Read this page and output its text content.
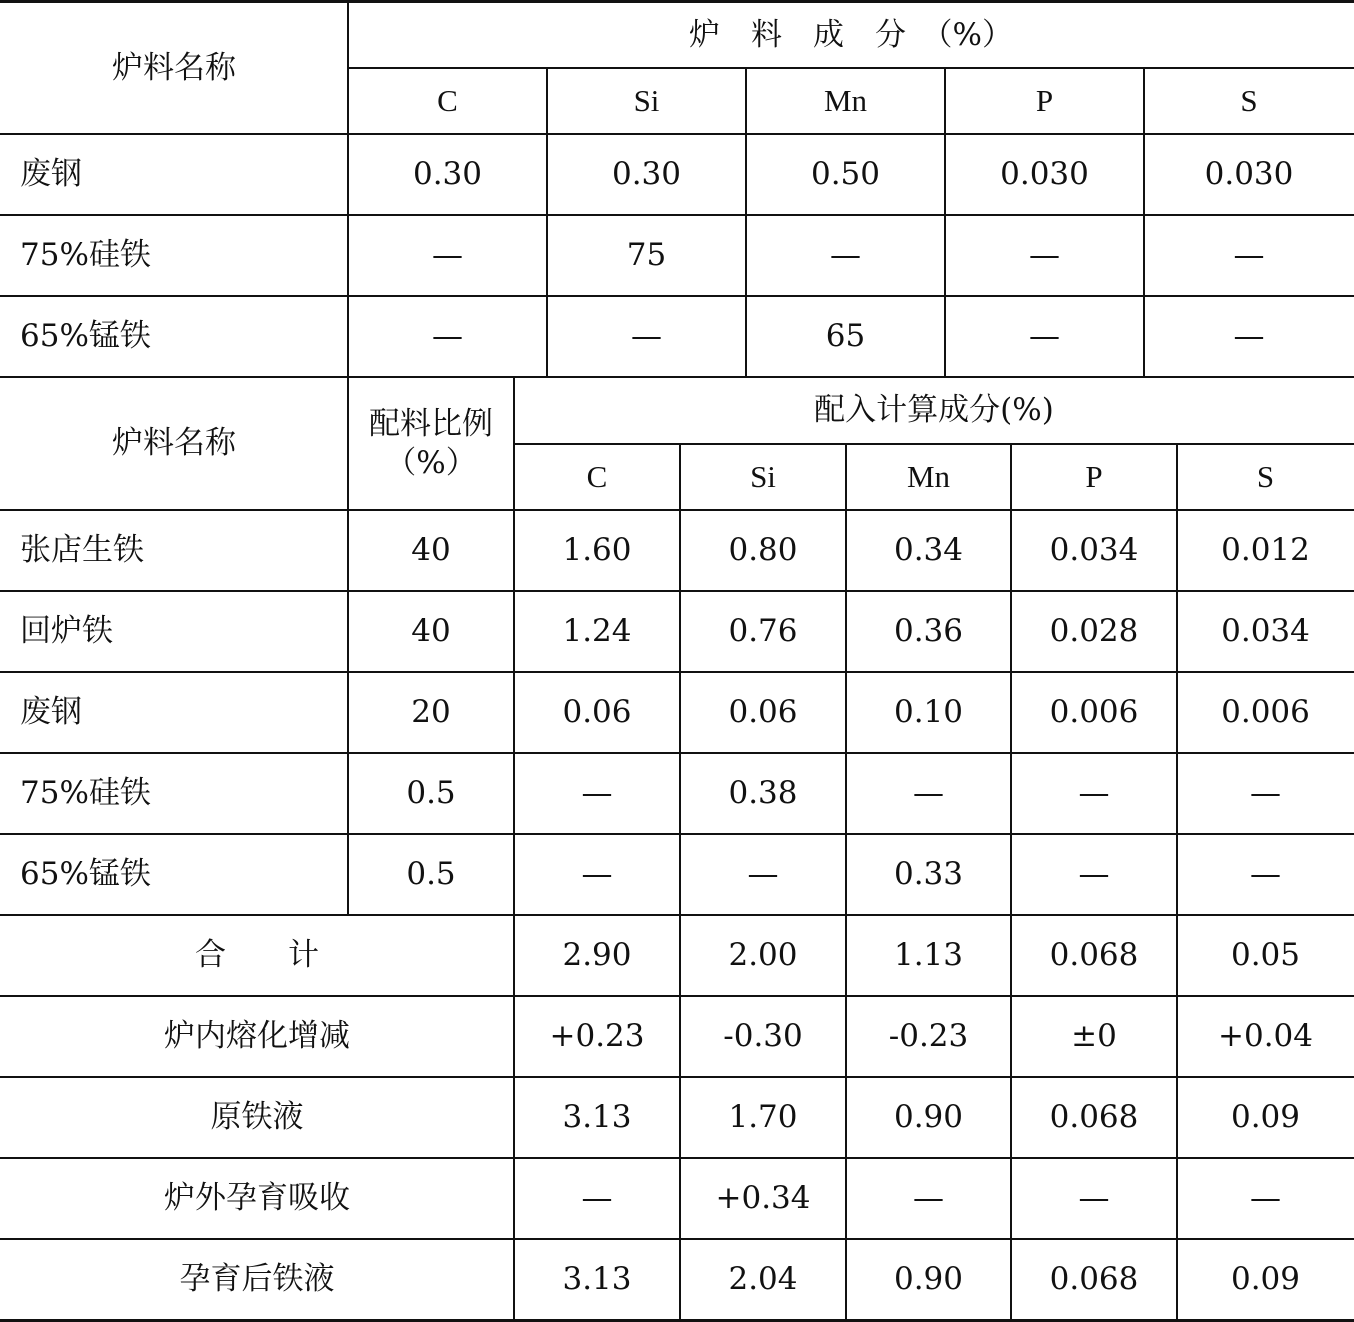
炉料名称
炉　料　成　分　（%）
C	Si	Mn	P	S
废钢	0.30	0.30	0.50	0.030	0.030
75%硅铁	—	75	—	—	—
65%锰铁	—	—	65	—	—
炉料名称
配料比例
（%）
配入计算成分(%)
C	Si	Mn	P	S
张店生铁	40	1.60	0.80	0.34	0.034	0.012
回炉铁	40	1.24	0.76	0.36	0.028	0.034
废钢	20	0.06	0.06	0.10	0.006	0.006
75%硅铁	0.5	—	0.38	—	—	—
65%锰铁	0.5	—	—	0.33	—	—
合　　计	2.90	2.00	1.13	0.068	0.05
炉内熔化增减	+0.23	-0.30	-0.23	±0	+0.04
原铁液	3.13	1.70	0.90	0.068	0.09
炉外孕育吸收	—	+0.34	—	—	—
孕育后铁液	3.13	2.04	0.90	0.068	0.09
